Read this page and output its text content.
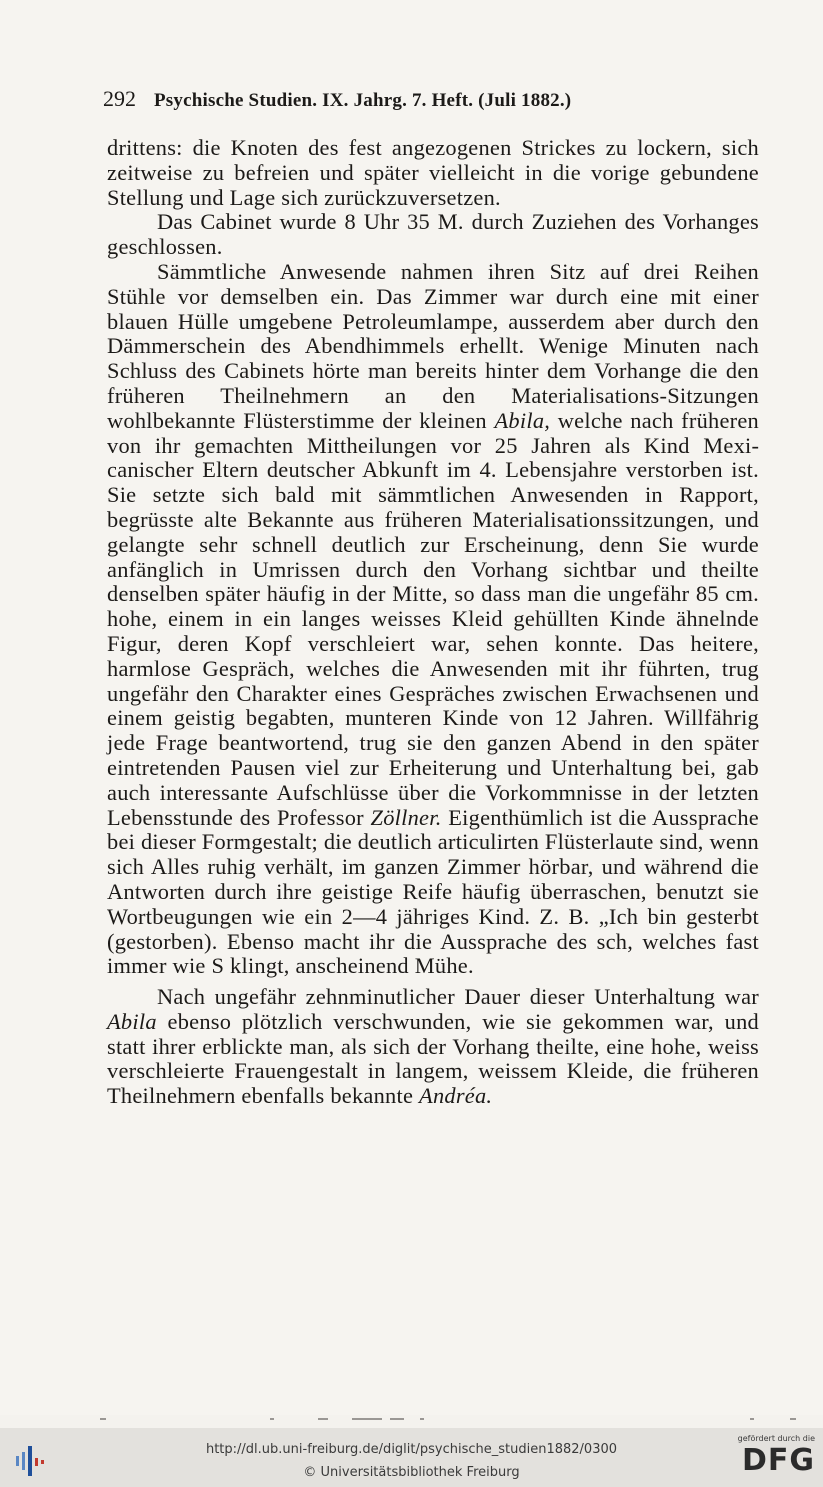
292 Psychische Studien. IX. Jahrg. 7. Heft. (Juli 1882.)

drittens: die Knoten des fest angezogenen Strickes zu lockern, sich zeitweise zu befreien und später vielleicht in die vorige gebundene Stellung und Lage sich zurückzuversetzen.

Das Cabinet wurde 8 Uhr 35 M. durch Zuziehen des Vorhanges geschlossen.

Sämmtliche Anwesende nahmen ihren Sitz auf drei Reihen Stühle vor demselben ein. Das Zimmer war durch eine mit einer blauen Hülle umgebene Petroleumlampe, ausserdem aber durch den Dämmerschein des Abendhimmels erhellt. Wenige Minuten nach Schluss des Cabinets hörte man bereits hinter dem Vorhange die den früheren Theilnehmern an den Materialisations-Sitzungen wohlbekannte Flüsterstimme der kleinen Abila, welche nach früheren von ihr gemachten Mittheilungen vor 25 Jahren als Kind Mexicanischer Eltern deutscher Abkunft im 4. Lebensjahre verstorben ist. Sie setzte sich bald mit sämmtlichen Anwesenden in Rapport, begrüsste alte Bekannte aus früheren Materialisationssitzungen, und gelangte sehr schnell deutlich zur Erscheinung, denn Sie wurde anfänglich in Umrissen durch den Vorhang sichtbar und theilte denselben später häufig in der Mitte, so dass man die ungefähr 85 cm. hohe, einem in ein langes weisses Kleid gehüllten Kinde ähnelnde Figur, deren Kopf verschleiert war, sehen konnte. Das heitere, harmlose Gespräch, welches die Anwesenden mit ihr führten, trug ungefähr den Charakter eines Gespräches zwischen Erwachsenen und einem geistig begabten, munteren Kinde von 12 Jahren. Willfährig jede Frage beantwortend, trug sie den ganzen Abend in den später eintretenden Pausen viel zur Erheiterung und Unterhaltung bei, gab auch interessante Aufschlüsse über die Vorkommnisse in der letzten Lebensstunde des Professor Zöllner. Eigenthümlich ist die Aussprache bei dieser Formgestalt; die deutlich articulirten Flüsterlaute sind, wenn sich Alles ruhig verhält, im ganzen Zimmer hörbar, und während die Antworten durch ihre geistige Reife häufig überraschen, benutzt sie Wortbeugungen wie ein 2—4 jähriges Kind. Z. B. „Ich bin gesterbt (gestorben). Ebenso macht ihr die Aussprache des sch, welches fast immer wie S klingt, anscheinend Mühe.

Nach ungefähr zehnminutlicher Dauer dieser Unterhaltung war Abila ebenso plötzlich verschwunden, wie sie gekommen war, und statt ihrer erblickte man, als sich der Vorhang theilte, eine hohe, weiss verschleierte Frauengestalt in langem, weissem Kleide, die früheren Theilnehmern ebenfalls bekannte Andréa.

http://dl.ub.uni-freiburg.de/diglit/psychische_studien1882/0300
© Universitätsbibliothek Freiburg
gefördert durch die
DFG
